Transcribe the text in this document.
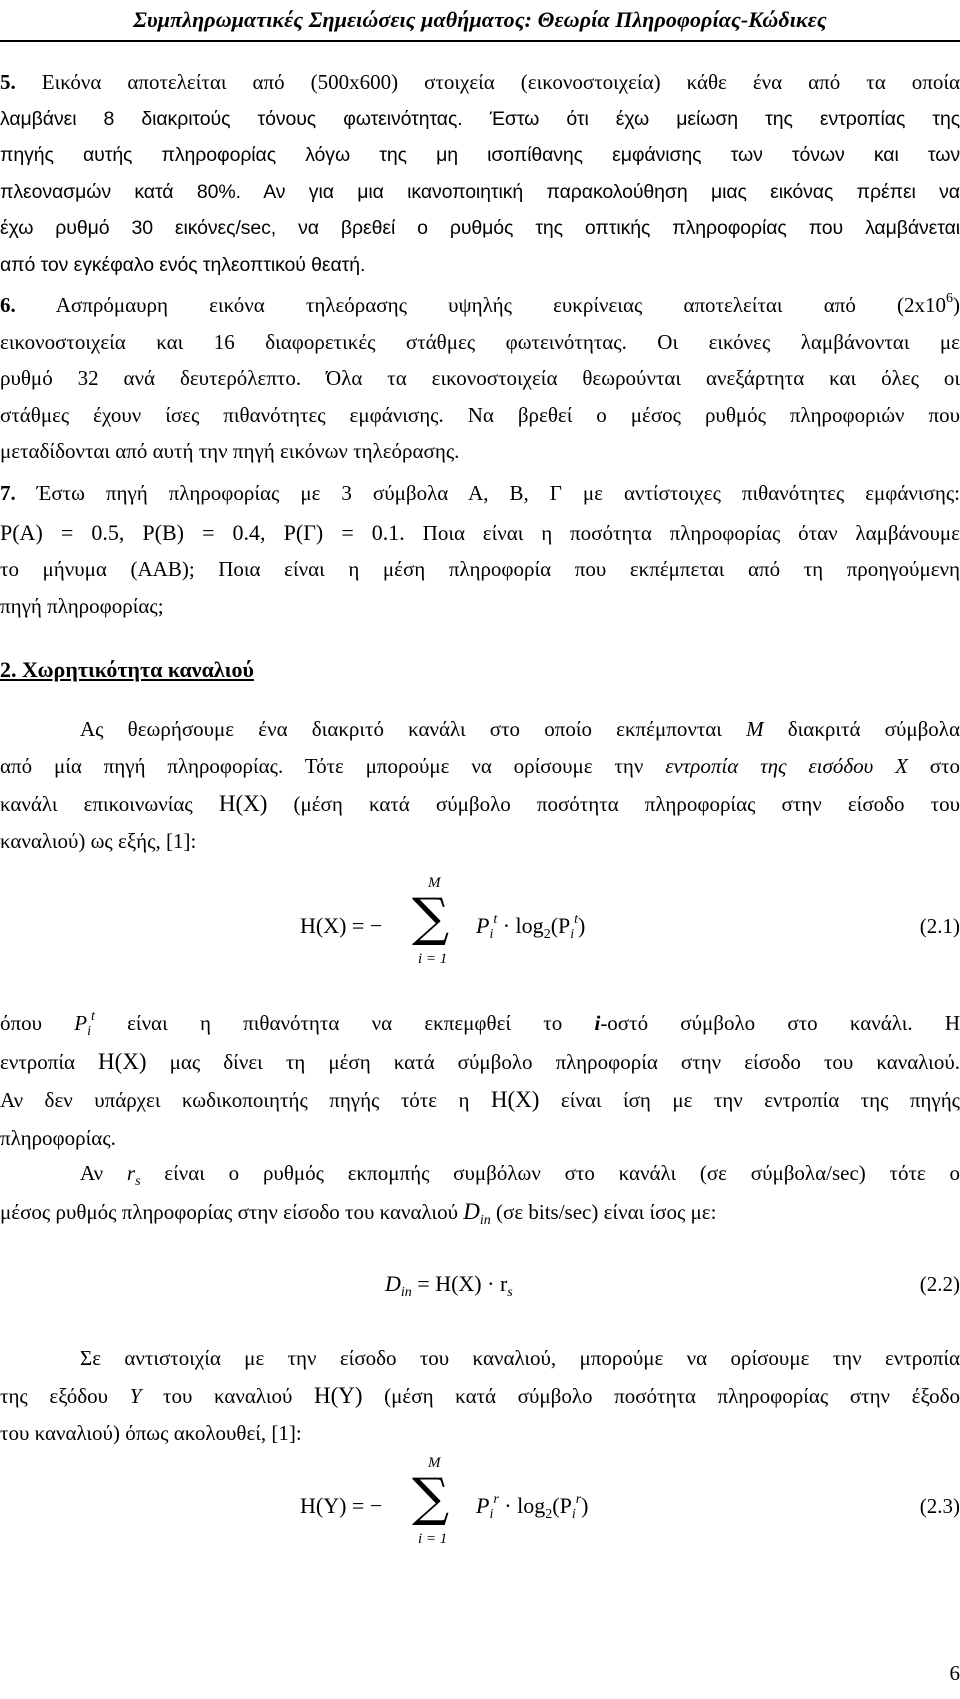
Συμπληρωματικές Σημειώσεις μαθήματος: Θεωρία Πληροφορίας-Κώδικες
5. Εικόνα αποτελείται από (500x600) στοιχεία (εικονοστοιχεία) κάθε ένα από τα οποία
λαμβάνει 8 διακριτούς τόνους φωτεινότητας. Έστω ότι έχω μείωση της εντροπίας της
πηγής αυτής πληροφορίας λόγω της μη ισοπίθανης εμφάνισης των τόνων και των
πλεονασμών κατά 80%. Αν για μια ικανοποιητική παρακολούθηση μιας εικόνας πρέπει να
έχω ρυθμό 30 εικόνες/sec, να βρεθεί ο ρυθμός της οπτικής πληροφορίας που λαμβάνεται
από τον εγκέφαλο ενός τηλεοπτικού θεατή.
6. Ασπρόμαυρη εικόνα τηλεόρασης υψηλής ευκρίνειας αποτελείται από $(2x10^6)$
εικονοστοιχεία και 16 διαφορετικές στάθμες φωτεινότητας. Οι εικόνες λαμβάνονται με
ρυθμό 32 ανά δευτερόλεπτο. Όλα τα εικονοστοιχεία θεωρούνται ανεξάρτητα και όλες οι
στάθμες έχουν ίσες πιθανότητες εμφάνισης. Να βρεθεί ο μέσος ρυθμός πληροφοριών που
μεταδίδονται από αυτή την πηγή εικόνων τηλεόρασης.
7. Έστω πηγή πληροφορίας με 3 σύμβολα Α, Β, Γ με αντίστοιχες πιθανότητες εμφάνισης:
P(Α) = 0.5, P(Β) = 0.4, P(Γ) = 0.1. Ποια είναι η ποσότητα πληροφορίας όταν λαμβάνουμε
το μήνυμα (ΑΑΒ); Ποια είναι η μέση πληροφορία που εκπέμπεται από τη προηγούμενη
πηγή πληροφορίας;
2. Χωρητικότητα καναλιού
Ας θεωρήσουμε ένα διακριτό κανάλι στο οποίο εκπέμπονται M διακριτά σύμβολα
από μία πηγή πληροφορίας. Τότε μπορούμε να ορίσουμε την εντροπία της εισόδου X στο
κανάλι επικοινωνίας H(X) (μέση κατά σύμβολο ποσότητα πληροφορίας στην είσοδο του
καναλιού) ως εξής, [1]:
H(X) = −
M
∑
i = 1
$P_i^t \cdot \log_2(P_i^t)$	(2.1)
όπου $P_i^t$ είναι η πιθανότητα να εκπεμφθεί το i-οστό σύμβολο στο κανάλι. Η
εντροπία H(X) μας δίνει τη μέση κατά σύμβολο πληροφορία στην είσοδο του καναλιού.
Αν δεν υπάρχει κωδικοποιητής πηγής τότε η H(X) είναι ίση με την εντροπία της πηγής
πληροφορίας.
Αν $r_s$ είναι ο ρυθμός εκπομπής συμβόλων στο κανάλι (σε σύμβολα/sec) τότε ο
μέσος ρυθμός πληροφορίας στην είσοδο του καναλιού $D_{in}$ (σε bits/sec) είναι ίσος με:
$D_{in} = H(X) \cdot r_s$	(2.2)
Σε αντιστοιχία με την είσοδο του καναλιού, μπορούμε να ορίσουμε την εντροπία
της εξόδου Y του καναλιού H(Y) (μέση κατά σύμβολο ποσότητα πληροφορίας στην έξοδο
του καναλιού) όπως ακολουθεί, [1]:
H(Y) = −
M
∑
i = 1
$P_i^r \cdot \log_2(P_i^r)$	(2.3)
6
